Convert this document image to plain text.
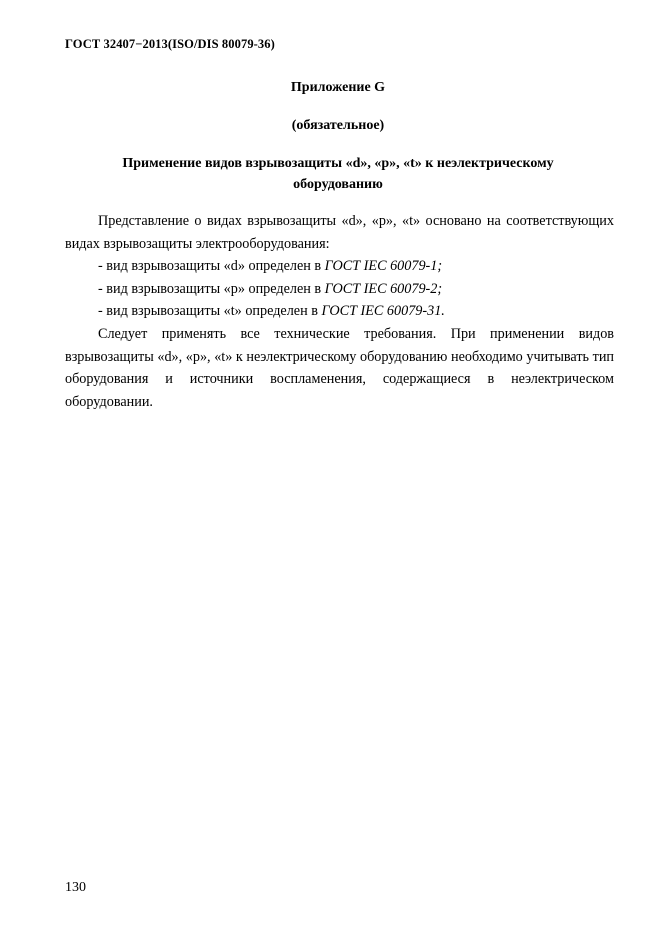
ГОСТ 32407−2013(ISO/DIS 80079-36)
Приложение G
(обязательное)
Применение видов взрывозащиты «d», «р», «t» к неэлектрическому
оборудованию

Представление о видах взрывозащиты «d», «р», «t» основано на соответствующих видах взрывозащиты электрооборудования:

- вид взрывозащиты «d» определен в ГОСТ IEC 60079-1;

- вид взрывозащиты «р» определен в ГОСТ IEC 60079-2;

- вид взрывозащиты «t» определен в ГОСТ IEC 60079-31.

Следует применять все технические требования. При применении видов взрывозащиты «d», «р», «t» к неэлектрическому оборудованию необходимо учитывать тип оборудования и источники воспламенения, содержащиеся в неэлектрическом оборудовании.

130
